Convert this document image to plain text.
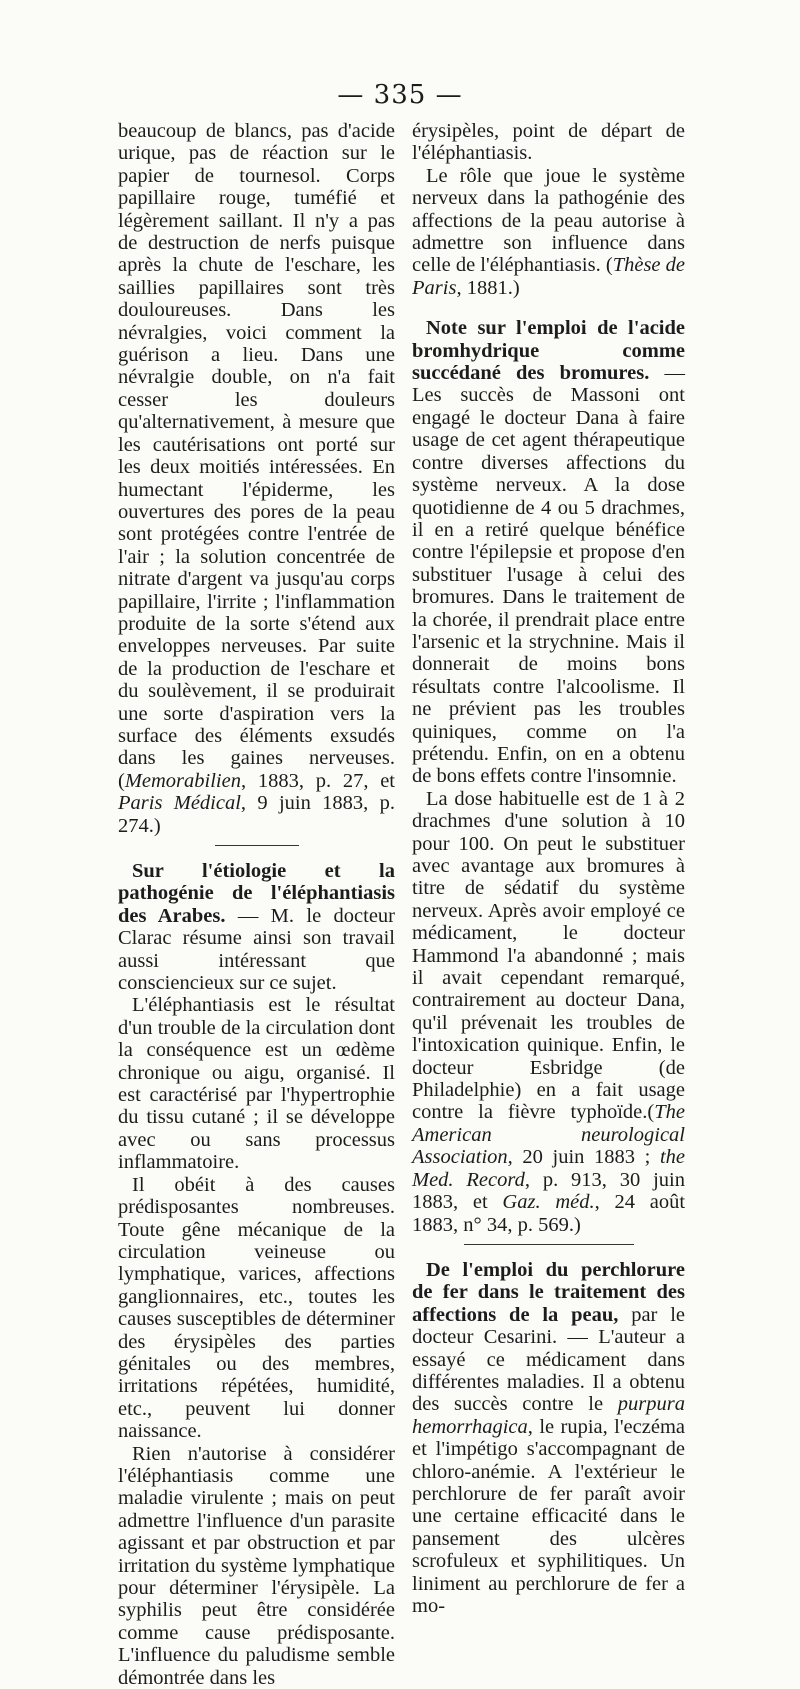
— 335 —

beaucoup de blancs, pas d'acide urique, pas de réaction sur le papier de tournesol. Corps papillaire rouge, tuméfié et légèrement saillant. Il n'y a pas de destruction de nerfs puisque après la chute de l'eschare, les saillies papillaires sont très douloureuses. Dans les névralgies, voici comment la guérison a lieu. Dans une névralgie double, on n'a fait cesser les douleurs qu'alternativement, à mesure que les cautérisations ont porté sur les deux moitiés intéressées. En humectant l'épiderme, les ouvertures des pores de la peau sont protégées contre l'entrée de l'air ; la solution concentrée de nitrate d'argent va jusqu'au corps papillaire, l'irrite ; l'inflammation produite de la sorte s'étend aux enveloppes nerveuses. Par suite de la production de l'eschare et du soulèvement, il se produirait une sorte d'aspiration vers la surface des éléments exsudés dans les gaines nerveuses.(Memorabilien, 1883, p. 27, et Paris Médical, 9 juin 1883, p. 274.)

Sur l'étiologie et la pathogénie de l'éléphantiasis des Arabes. — M. le docteur Clarac résume ainsi son travail aussi intéressant que consciencieux sur ce sujet.

L'éléphantiasis est le résultat d'un trouble de la circulation dont la conséquence est un œdème chronique ou aigu, organisé. Il est caractérisé par l'hypertrophie du tissu cutané ; il se développe avec ou sans processus inflammatoire.

Il obéit à des causes prédisposantes nombreuses. Toute gêne mécanique de la circulation veineuse ou lymphatique, varices, affections ganglionnaires, etc., toutes les causes susceptibles de déterminer des érysipèles des parties génitales ou des membres, irritations répétées, humidité, etc., peuvent lui donner naissance.

Rien n'autorise à considérer l'éléphantiasis comme une maladie virulente ; mais on peut admettre l'influence d'un parasite agissant et par obstruction et par irritation du système lymphatique pour déterminer l'érysipèle. La syphilis peut être considérée comme cause prédisposante. L'influence du paludisme semble démontrée dans les

érysipèles, point de départ de l'éléphantiasis.

Le rôle que joue le système nerveux dans la pathogénie des affections de la peau autorise à admettre son influence dans celle de l'éléphantiasis. (Thèse de Paris, 1881.)

Note sur l'emploi de l'acide bromhydrique comme succédané des bromures. — Les succès de Massoni ont engagé le docteur Dana à faire usage de cet agent thérapeutique contre diverses affections du système nerveux. A la dose quotidienne de 4 ou 5 drachmes, il en a retiré quelque bénéfice contre l'épilepsie et propose d'en substituer l'usage à celui des bromures. Dans le traitement de la chorée, il prendrait place entre l'arsenic et la strychnine. Mais il donnerait de moins bons résultats contre l'alcoolisme. Il ne prévient pas les troubles quiniques, comme on l'a prétendu. Enfin, on en a obtenu de bons effets contre l'insomnie.

La dose habituelle est de 1 à 2 drachmes d'une solution à 10 pour 100. On peut le substituer avec avantage aux bromures à titre de sédatif du système nerveux. Après avoir employé ce médicament, le docteur Hammond l'a abandonné ; mais il avait cependant remarqué, contrairement au docteur Dana, qu'il prévenait les troubles de l'intoxication quinique. Enfin, le docteur Esbridge (de Philadelphie) en a fait usage contre la fièvre typhoïde.(The American neurological Association, 20 juin 1883 ; the Med. Record, p. 913, 30 juin 1883, et Gaz. méd., 24 août 1883, n° 34, p. 569.)

De l'emploi du perchlorure de fer dans le traitement des affections de la peau, par le docteur Cesarini. — L'auteur a essayé ce médicament dans différentes maladies. Il a obtenu des succès contre le purpura hemorrhagica, le rupia, l'eczéma et l'impétigo s'accompagnant de chloro-anémie. A l'extérieur le perchlorure de fer paraît avoir une certaine efficacité dans le pansement des ulcères scrofuleux et syphilitiques. Un liniment au perchlorure de fer a mo-
